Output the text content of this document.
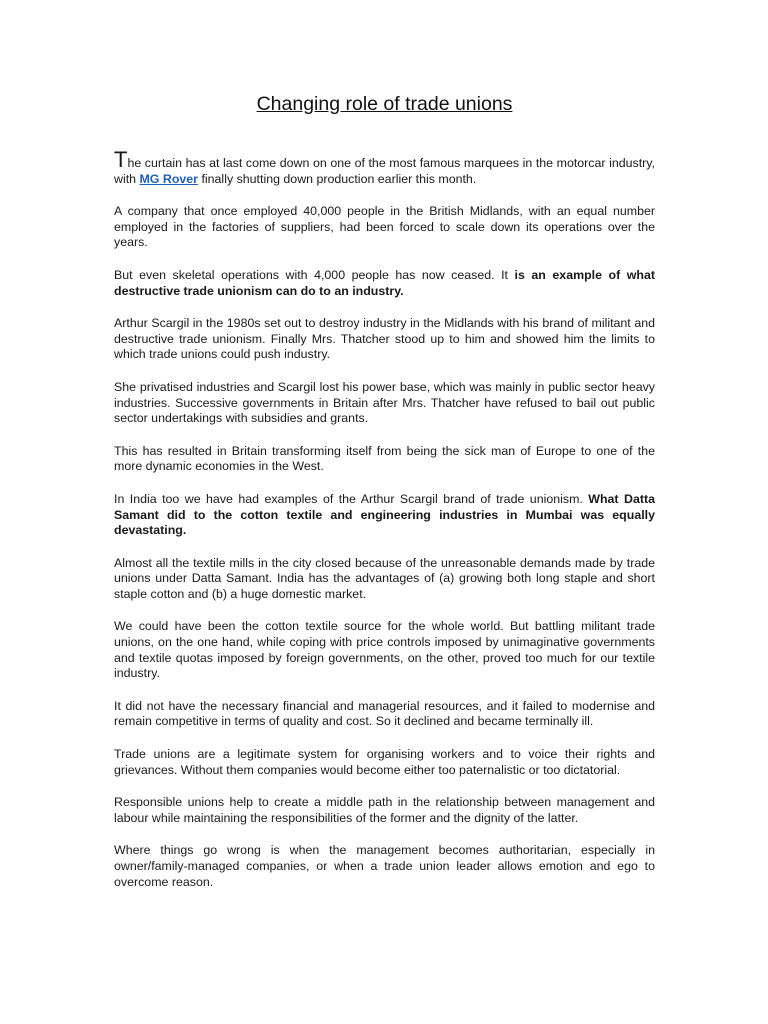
Changing role of trade unions

The curtain has at last come down on one of the most famous marquees in the motorcar industry, with MG Rover finally shutting down production earlier this month.

A company that once employed 40,000 people in the British Midlands, with an equal number employed in the factories of suppliers, had been forced to scale down its operations over the years.

But even skeletal operations with 4,000 people has now ceased. It is an example of what destructive trade unionism can do to an industry.

Arthur Scargil in the 1980s set out to destroy industry in the Midlands with his brand of militant and destructive trade unionism. Finally Mrs. Thatcher stood up to him and showed him the limits to which trade unions could push industry.

She privatised industries and Scargil lost his power base, which was mainly in public sector heavy industries. Successive governments in Britain after Mrs. Thatcher have refused to bail out public sector undertakings with subsidies and grants.

This has resulted in Britain transforming itself from being the sick man of Europe to one of the more dynamic economies in the West.

In India too we have had examples of the Arthur Scargil brand of trade unionism. What Datta Samant did to the cotton textile and engineering industries in Mumbai was equally devastating.

Almost all the textile mills in the city closed because of the unreasonable demands made by trade unions under Datta Samant. India has the advantages of (a) growing both long staple and short staple cotton and (b) a huge domestic market.

We could have been the cotton textile source for the whole world. But battling militant trade unions, on the one hand, while coping with price controls imposed by unimaginative governments and textile quotas imposed by foreign governments, on the other, proved too much for our textile industry.

It did not have the necessary financial and managerial resources, and it failed to modernise and remain competitive in terms of quality and cost. So it declined and became terminally ill.

Trade unions are a legitimate system for organising workers and to voice their rights and grievances. Without them companies would become either too paternalistic or too dictatorial.

Responsible unions help to create a middle path in the relationship between management and labour while maintaining the responsibilities of the former and the dignity of the latter.

Where things go wrong is when the management becomes authoritarian, especially in owner/family-managed companies, or when a trade union leader allows emotion and ego to overcome reason.
